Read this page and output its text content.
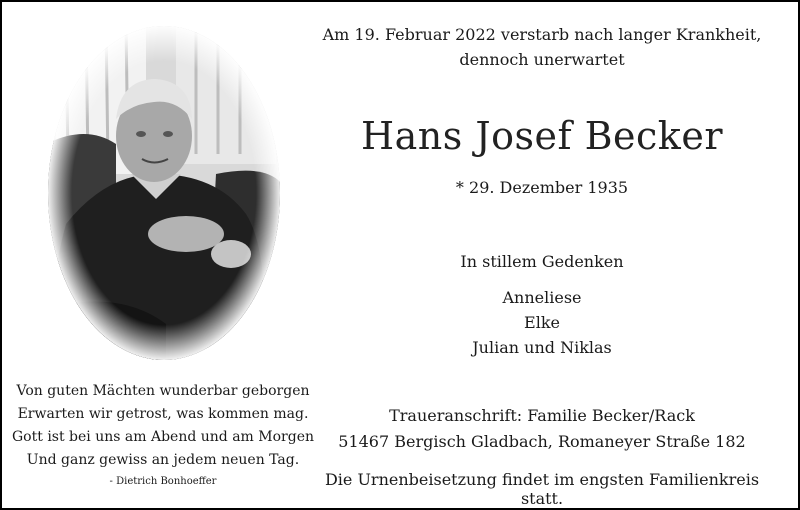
Am 19. Februar 2022 verstarb nach langer Krankheit,
dennoch unerwartet
Hans Josef Becker
* 29. Dezember 1935
In stillem Gedenken
Anneliese
Elke
Julian und Niklas
Traueranschrift: Familie Becker/Rack
51467 Bergisch Gladbach, Romaneyer Straße 182
Die Urnenbeisetzung findet im engsten Familienkreis statt.
Von guten Mächten wunderbar geborgen
Erwarten wir getrost, was kommen mag.
Gott ist bei uns am Abend und am Morgen
Und ganz gewiss an jedem neuen Tag.
- Dietrich Bonhoeffer
